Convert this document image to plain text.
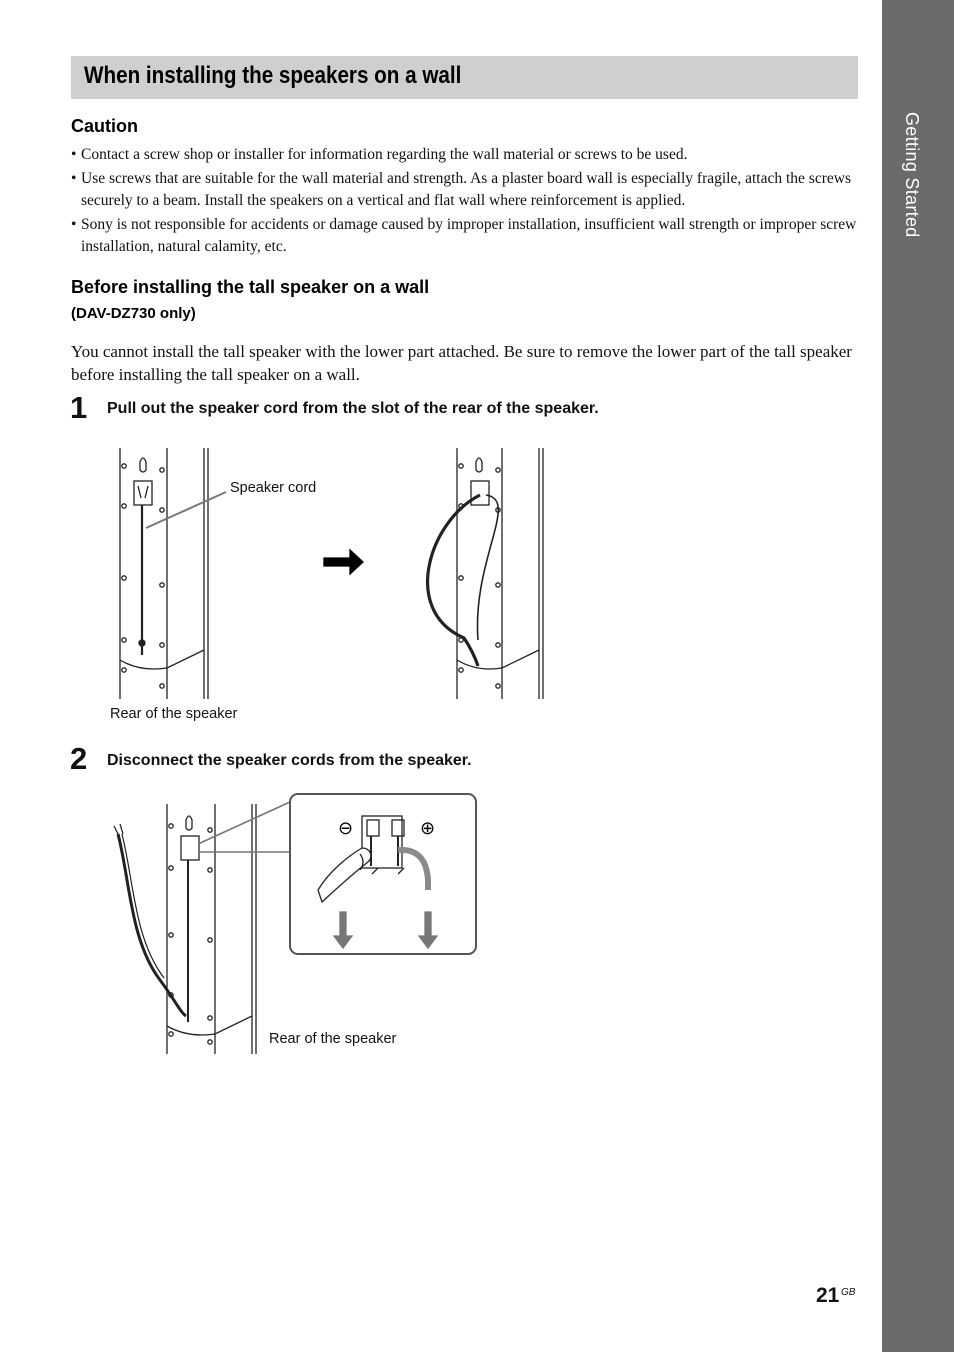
Getting Started
When installing the speakers on a wall
Caution
• Contact a screw shop or installer for information regarding the wall material or screws to be used.
• Use screws that are suitable for the wall material and strength. As a plaster board wall is especially fragile, attach the screws securely to a beam. Install the speakers on a vertical and flat wall where reinforcement is applied.
• Sony is not responsible for accidents or damage caused by improper installation, insufficient wall strength or improper screw installation, natural calamity, etc.
Before installing the tall speaker on a wall

(DAV-DZ730 only)

You cannot install the tall speaker with the lower part attached. Be sure to remove the lower part of the tall speaker before installing the tall speaker on a wall.

1 Pull out the speaker cord from the slot of the rear of the speaker.

Speaker cord

Rear of the speaker

2 Disconnect the speaker cords from the speaker.

⊖	⊕

Rear of the speaker

21 GB
